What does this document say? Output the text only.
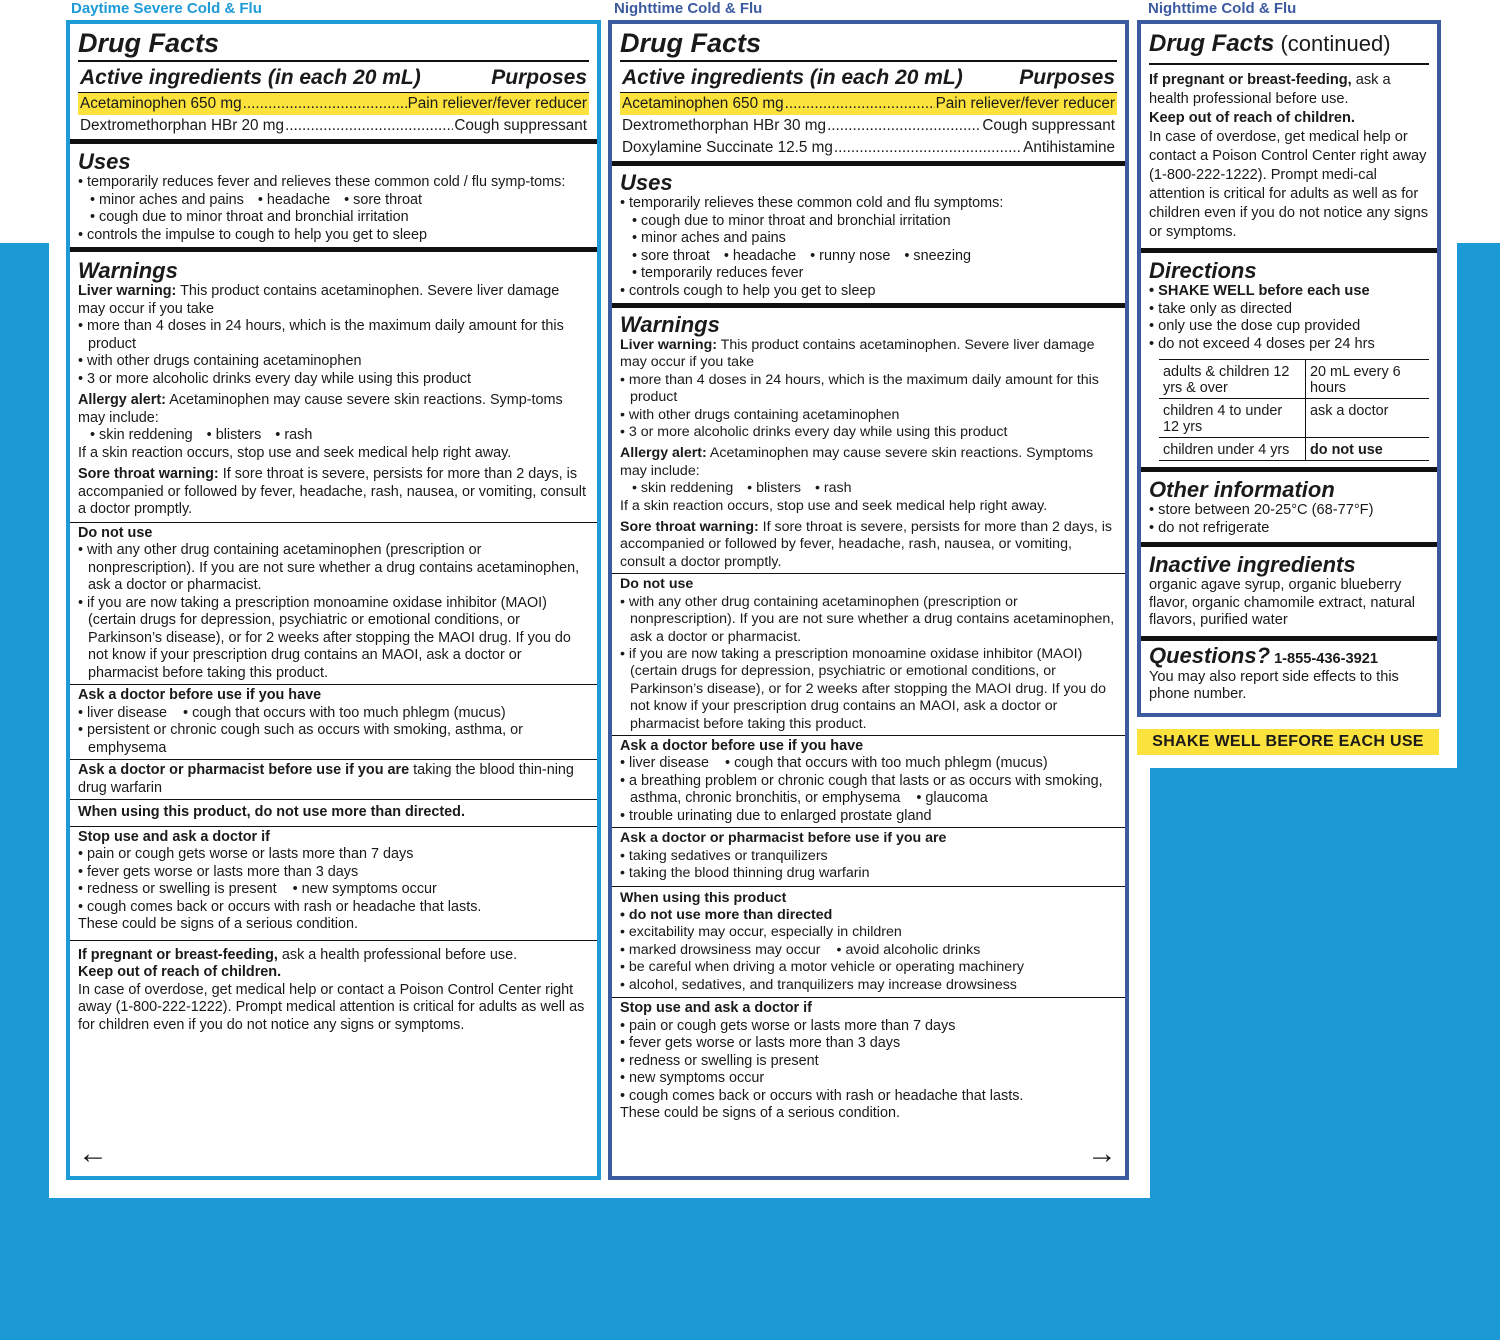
Daytime Severe Cold & Flu	Nighttime Cold & Flu	Nighttime Cold & Flu
Drug Facts
Active ingredients (in each 20 mL)	Purposes
Acetaminophen 650 mg .....	Pain reliever/fever reducer
Dextromethorphan HBr 20 mg .....	Cough suppressant
Uses
• temporarily reduces fever and relieves these common cold / flu symp-toms:
• minor aches and pains • headache • sore throat
• cough due to minor throat and bronchial irritation
• controls the impulse to cough to help you get to sleep
Warnings
Liver warning: This product contains acetaminophen. Severe liver damage may occur if you take
• more than 4 doses in 24 hours, which is the maximum daily amount for this product
• with other drugs containing acetaminophen
• 3 or more alcoholic drinks every day while using this product
Allergy alert: Acetaminophen may cause severe skin reactions. Symp-toms may include:
• skin reddening • blisters • rash
If a skin reaction occurs, stop use and seek medical help right away.
Sore throat warning: If sore throat is severe, persists for more than 2 days, is accompanied or followed by fever, headache, rash, nausea, or vomiting, consult a doctor promptly.
Do not use
• with any other drug containing acetaminophen (prescription or nonprescription). If you are not sure whether a drug contains acetaminophen, ask a doctor or pharmacist.
• if you are now taking a prescription monoamine oxidase inhibitor (MAOI) (certain drugs for depression, psychiatric or emotional conditions, or Parkinson’s disease), or for 2 weeks after stopping the MAOI drug. If you do not know if your prescription drug contains an MAOI, ask a doctor or pharmacist before taking this product.
Ask a doctor before use if you have
• liver disease • cough that occurs with too much phlegm (mucus)
• persistent or chronic cough such as occurs with smoking, asthma, or emphysema
Ask a doctor or pharmacist before use if you are taking the blood thin-ning drug warfarin
When using this product, do not use more than directed.
Stop use and ask a doctor if
• pain or cough gets worse or lasts more than 7 days
• fever gets worse or lasts more than 3 days
• redness or swelling is present • new symptoms occur
• cough comes back or occurs with rash or headache that lasts.
These could be signs of a serious condition.
If pregnant or breast-feeding, ask a health professional before use.
Keep out of reach of children.
In case of overdose, get medical help or contact a Poison Control Center right away (1-800-222-1222). Prompt medical attention is critical for adults as well as for children even if you do not notice any signs or symptoms.
←
Drug Facts
Active ingredients (in each 20 mL)	Purposes
Acetaminophen 650 mg .....	Pain reliever/fever reducer
Dextromethorphan HBr 30 mg .....	Cough suppressant
Doxylamine Succinate 12.5 mg .....	Antihistamine
Uses
• temporarily relieves these common cold and flu symptoms:
• cough due to minor throat and bronchial irritation
• minor aches and pains
• sore throat • headache • runny nose • sneezing
• temporarily reduces fever
• controls cough to help you get to sleep
Warnings
Liver warning: This product contains acetaminophen. Severe liver damage may occur if you take
• more than 4 doses in 24 hours, which is the maximum daily amount for this product
• with other drugs containing acetaminophen
• 3 or more alcoholic drinks every day while using this product
Allergy alert: Acetaminophen may cause severe skin reactions. Symptoms may include:
• skin reddening • blisters • rash
If a skin reaction occurs, stop use and seek medical help right away.
Sore throat warning: If sore throat is severe, persists for more than 2 days, is accompanied or followed by fever, headache, rash, nausea, or vomiting, consult a doctor promptly.
Do not use
• with any other drug containing acetaminophen (prescription or nonprescription). If you are not sure whether a drug contains acetaminophen, ask a doctor or pharmacist.
• if you are now taking a prescription monoamine oxidase inhibitor (MAOI) (certain drugs for depression, psychiatric or emotional conditions, or Parkinson’s disease), or for 2 weeks after stopping the MAOI drug. If you do not know if your prescription drug contains an MAOI, ask a doctor or pharmacist before taking this product.
Ask a doctor before use if you have
• liver disease • cough that occurs with too much phlegm (mucus)
• a breathing problem or chronic cough that lasts or as occurs with smoking, asthma, chronic bronchitis, or emphysema • glaucoma
• trouble urinating due to enlarged prostate gland
Ask a doctor or pharmacist before use if you are
• taking sedatives or tranquilizers
• taking the blood thinning drug warfarin
When using this product
• do not use more than directed
• excitability may occur, especially in children
• marked drowsiness may occur • avoid alcoholic drinks
• be careful when driving a motor vehicle or operating machinery
• alcohol, sedatives, and tranquilizers may increase drowsiness
Stop use and ask a doctor if
• pain or cough gets worse or lasts more than 7 days
• fever gets worse or lasts more than 3 days
• redness or swelling is present
• new symptoms occur
• cough comes back or occurs with rash or headache that lasts.
These could be signs of a serious condition.
→
Drug Facts (continued)
If pregnant or breast-feeding, ask a health professional before use.
Keep out of reach of children.
In case of overdose, get medical help or contact a Poison Control Center right away (1-800-222-1222). Prompt medi-cal attention is critical for adults as well as for children even if you do not notice any signs or symptoms.
Directions
• SHAKE WELL before each use
• take only as directed
• only use the dose cup provided
• do not exceed 4 doses per 24 hrs
adults & children 12 yrs & over	20 mL every 6 hours
children 4 to under 12 yrs	ask a doctor
children under 4 yrs	do not use
Other information
• store between 20-25°C (68-77°F)
• do not refrigerate
Inactive ingredients
organic agave syrup, organic blueberry flavor, organic chamomile extract, natural flavors, purified water
Questions? 1-855-436-3921
You may also report side effects to this phone number.
SHAKE WELL BEFORE EACH USE
